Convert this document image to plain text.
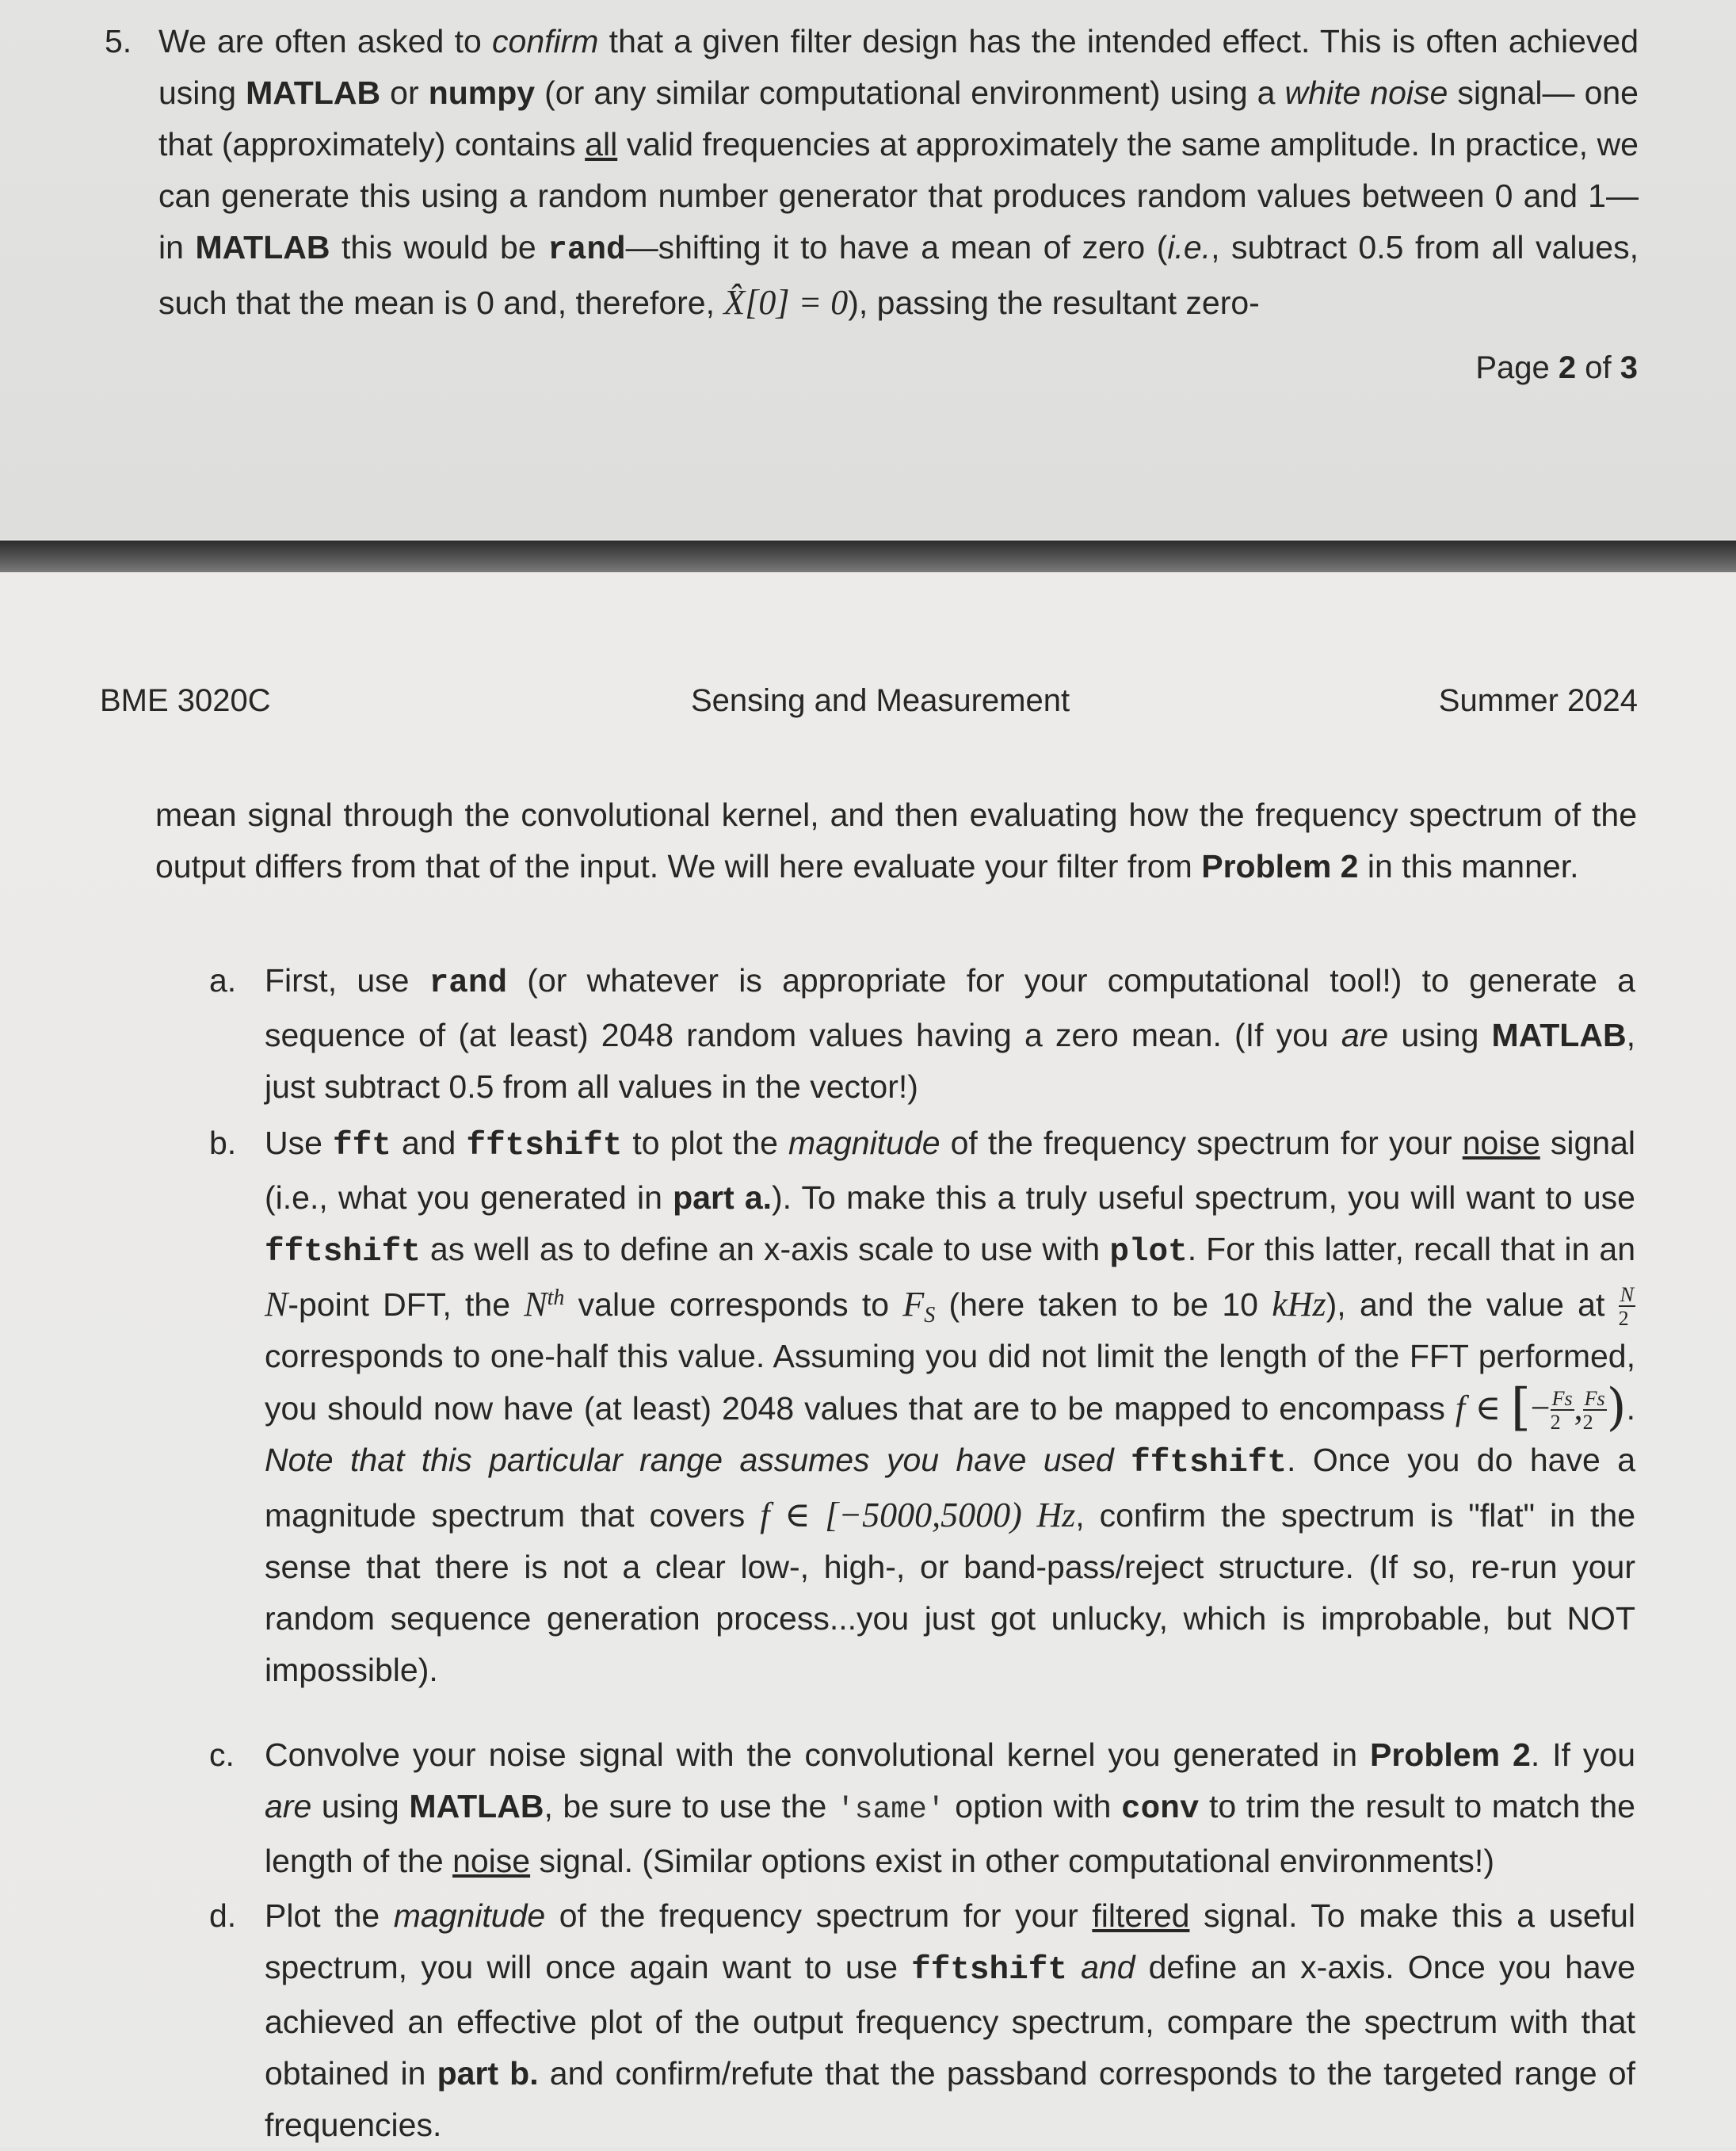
5. We are often asked to confirm that a given filter design has the intended effect. This is often achieved using MATLAB or numpy (or any similar computational environment) using a white noise signal— one that (approximately) contains all valid frequencies at approximately the same amplitude. In practice, we can generate this using a random number generator that produces random values between 0 and 1—in MATLAB this would be rand—shifting it to have a mean of zero (i.e., subtract 0.5 from all values, such that the mean is 0 and, therefore, X̂[0] = 0), passing the resultant zero-
Page 2 of 3
BME 3020C	Sensing and Measurement	Summer 2024
mean signal through the convolutional kernel, and then evaluating how the frequency spectrum of the output differs from that of the input. We will here evaluate your filter from Problem 2 in this manner.
a. First, use rand (or whatever is appropriate for your computational tool!) to generate a sequence of (at least) 2048 random values having a zero mean. (If you are using MATLAB, just subtract 0.5 from all values in the vector!)
b. Use fft and fftshift to plot the magnitude of the frequency spectrum for your noise signal (i.e., what you generated in part a.). To make this a truly useful spectrum, you will want to use fftshift as well as to define an x-axis scale to use with plot. For this latter, recall that in an N-point DFT, the $N^{th}$ value corresponds to $F_S$ (here taken to be 10 kHz), and the value at $\frac{N}{2}$
corresponds to one-half this value. Assuming you did not limit the length of the FFT performed, you should now have (at least) 2048 values that are to be mapped to encompass f ∈ [− $\frac{Fs}{2}$ , $\frac{Fs}{2}$ ). Note that this particular range assumes you have used fftshift. Once you do have a magnitude spectrum that covers f ∈ [−5000,5000) Hz, confirm the spectrum is "flat" in the sense that there is not a clear low-, high-, or band-pass/reject structure. (If so, re-run your random sequence generation process...you just got unlucky, which is improbable, but NOT impossible).
c. Convolve your noise signal with the convolutional kernel you generated in Problem 2. If you are using MATLAB, be sure to use the 'same' option with conv to trim the result to match the length of the noise signal. (Similar options exist in other computational environments!)
d. Plot the magnitude of the frequency spectrum for your filtered signal. To make this a useful spectrum, you will once again want to use fftshift and define an x-axis. Once you have achieved an effective plot of the output frequency spectrum, compare the spectrum with that obtained in part b. and confirm/refute that the passband corresponds to the targeted range of frequencies.
